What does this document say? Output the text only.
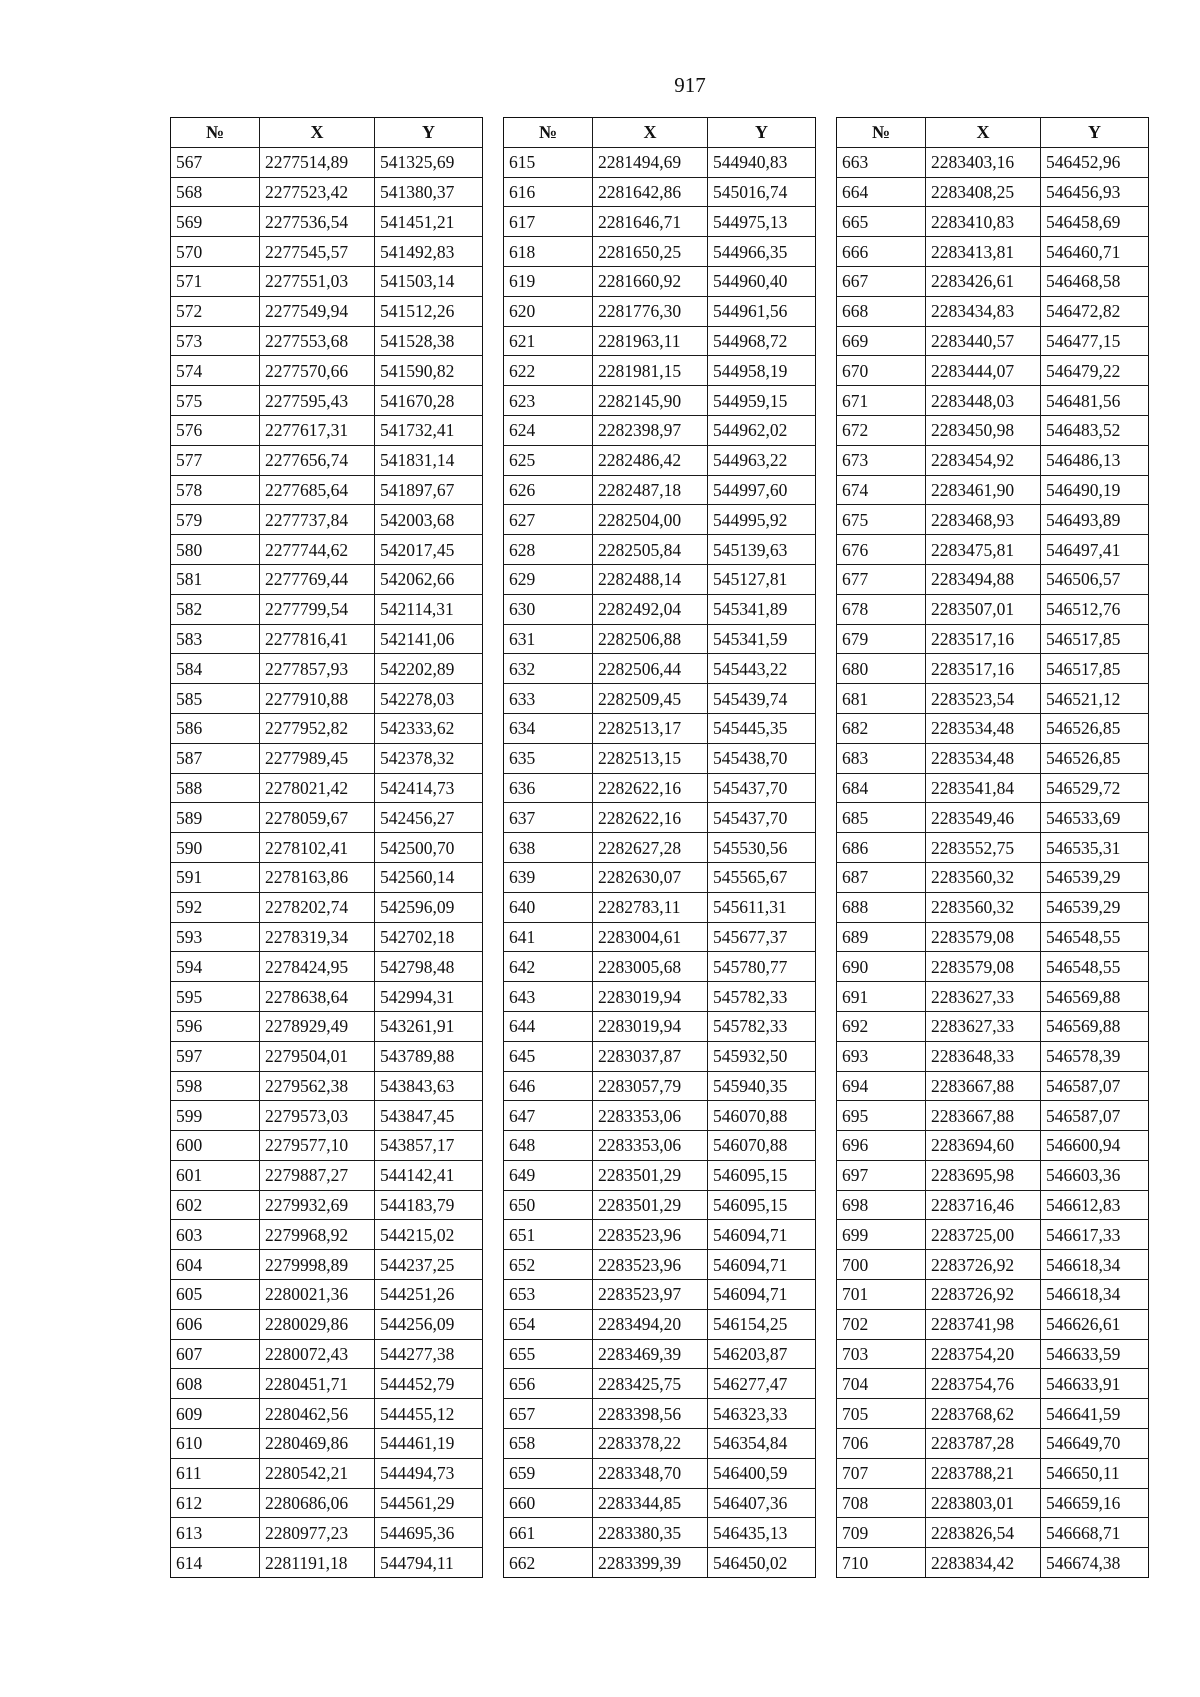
917
№	X	Y
567	2277514,89	541325,69
568	2277523,42	541380,37
569	2277536,54	541451,21
570	2277545,57	541492,83
571	2277551,03	541503,14
572	2277549,94	541512,26
573	2277553,68	541528,38
574	2277570,66	541590,82
575	2277595,43	541670,28
576	2277617,31	541732,41
577	2277656,74	541831,14
578	2277685,64	541897,67
579	2277737,84	542003,68
580	2277744,62	542017,45
581	2277769,44	542062,66
582	2277799,54	542114,31
583	2277816,41	542141,06
584	2277857,93	542202,89
585	2277910,88	542278,03
586	2277952,82	542333,62
587	2277989,45	542378,32
588	2278021,42	542414,73
589	2278059,67	542456,27
590	2278102,41	542500,70
591	2278163,86	542560,14
592	2278202,74	542596,09
593	2278319,34	542702,18
594	2278424,95	542798,48
595	2278638,64	542994,31
596	2278929,49	543261,91
597	2279504,01	543789,88
598	2279562,38	543843,63
599	2279573,03	543847,45
600	2279577,10	543857,17
601	2279887,27	544142,41
602	2279932,69	544183,79
603	2279968,92	544215,02
604	2279998,89	544237,25
605	2280021,36	544251,26
606	2280029,86	544256,09
607	2280072,43	544277,38
608	2280451,71	544452,79
609	2280462,56	544455,12
610	2280469,86	544461,19
611	2280542,21	544494,73
612	2280686,06	544561,29
613	2280977,23	544695,36
614	2281191,18	544794,11
№	X	Y
615	2281494,69	544940,83
616	2281642,86	545016,74
617	2281646,71	544975,13
618	2281650,25	544966,35
619	2281660,92	544960,40
620	2281776,30	544961,56
621	2281963,11	544968,72
622	2281981,15	544958,19
623	2282145,90	544959,15
624	2282398,97	544962,02
625	2282486,42	544963,22
626	2282487,18	544997,60
627	2282504,00	544995,92
628	2282505,84	545139,63
629	2282488,14	545127,81
630	2282492,04	545341,89
631	2282506,88	545341,59
632	2282506,44	545443,22
633	2282509,45	545439,74
634	2282513,17	545445,35
635	2282513,15	545438,70
636	2282622,16	545437,70
637	2282622,16	545437,70
638	2282627,28	545530,56
639	2282630,07	545565,67
640	2282783,11	545611,31
641	2283004,61	545677,37
642	2283005,68	545780,77
643	2283019,94	545782,33
644	2283019,94	545782,33
645	2283037,87	545932,50
646	2283057,79	545940,35
647	2283353,06	546070,88
648	2283353,06	546070,88
649	2283501,29	546095,15
650	2283501,29	546095,15
651	2283523,96	546094,71
652	2283523,96	546094,71
653	2283523,97	546094,71
654	2283494,20	546154,25
655	2283469,39	546203,87
656	2283425,75	546277,47
657	2283398,56	546323,33
658	2283378,22	546354,84
659	2283348,70	546400,59
660	2283344,85	546407,36
661	2283380,35	546435,13
662	2283399,39	546450,02
№	X	Y
663	2283403,16	546452,96
664	2283408,25	546456,93
665	2283410,83	546458,69
666	2283413,81	546460,71
667	2283426,61	546468,58
668	2283434,83	546472,82
669	2283440,57	546477,15
670	2283444,07	546479,22
671	2283448,03	546481,56
672	2283450,98	546483,52
673	2283454,92	546486,13
674	2283461,90	546490,19
675	2283468,93	546493,89
676	2283475,81	546497,41
677	2283494,88	546506,57
678	2283507,01	546512,76
679	2283517,16	546517,85
680	2283517,16	546517,85
681	2283523,54	546521,12
682	2283534,48	546526,85
683	2283534,48	546526,85
684	2283541,84	546529,72
685	2283549,46	546533,69
686	2283552,75	546535,31
687	2283560,32	546539,29
688	2283560,32	546539,29
689	2283579,08	546548,55
690	2283579,08	546548,55
691	2283627,33	546569,88
692	2283627,33	546569,88
693	2283648,33	546578,39
694	2283667,88	546587,07
695	2283667,88	546587,07
696	2283694,60	546600,94
697	2283695,98	546603,36
698	2283716,46	546612,83
699	2283725,00	546617,33
700	2283726,92	546618,34
701	2283726,92	546618,34
702	2283741,98	546626,61
703	2283754,20	546633,59
704	2283754,76	546633,91
705	2283768,62	546641,59
706	2283787,28	546649,70
707	2283788,21	546650,11
708	2283803,01	546659,16
709	2283826,54	546668,71
710	2283834,42	546674,38
